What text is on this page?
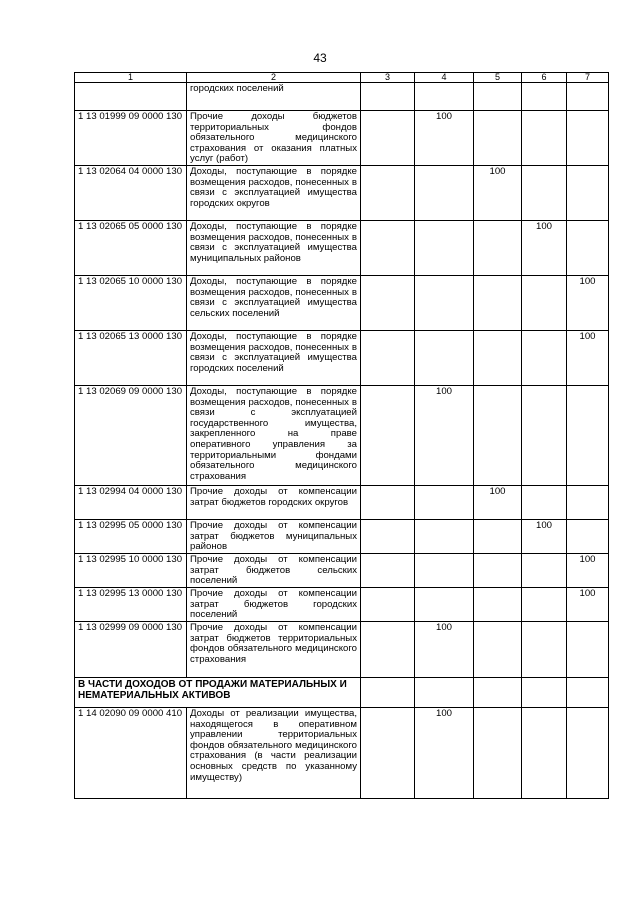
43
1	2	3	4	5	6	7
	городских поселений					
1 13 01999 09 0000 130	Прочие доходы бюджетов территориальных фондов обязательного медицинского страхования от оказания платных услуг (работ)		100			
1 13 02064 04 0000 130	Доходы, поступающие в порядке возмещения расходов, понесенных в связи с эксплуатацией имущества городских округов			100		
1 13 02065 05 0000 130	Доходы, поступающие в порядке возмещения расходов, понесенных в связи с эксплуатацией имущества муниципальных районов				100	
1 13 02065 10 0000 130	Доходы, поступающие в порядке возмещения расходов, понесенных в связи с эксплуатацией имущества сельских поселений					100
1 13 02065 13 0000 130	Доходы, поступающие в порядке возмещения расходов, понесенных в связи с эксплуатацией имущества городских поселений					100
1 13 02069 09 0000 130	Доходы, поступающие в порядке возмещения расходов, понесенных в связи с эксплуатацией государственного имущества, закрепленного на праве оперативного управления за территориальными фондами обязательного медицинского страхования		100			
1 13 02994 04 0000 130	Прочие доходы от компенсации затрат бюджетов городских округов			100		
1 13 02995 05 0000 130	Прочие доходы от компенсации затрат бюджетов муниципальных районов				100	
1 13 02995 10 0000 130	Прочие доходы от компенсации затрат бюджетов сельских поселений					100
1 13 02995 13 0000 130	Прочие доходы от компенсации затрат бюджетов городских поселений					100
1 13 02999 09 0000 130	Прочие доходы от компенсации затрат бюджетов территориальных фондов обязательного медицинского страхования		100			
В ЧАСТИ ДОХОДОВ ОТ ПРОДАЖИ МАТЕРИАЛЬНЫХ И НЕМАТЕРИАЛЬНЫХ АКТИВОВ						
1 14 02090 09 0000 410	Доходы от реализации имущества, находящегося в оперативном управлении территориальных фондов обязательного медицинского страхования (в части реализации основных средств по указанному имуществу)		100			
